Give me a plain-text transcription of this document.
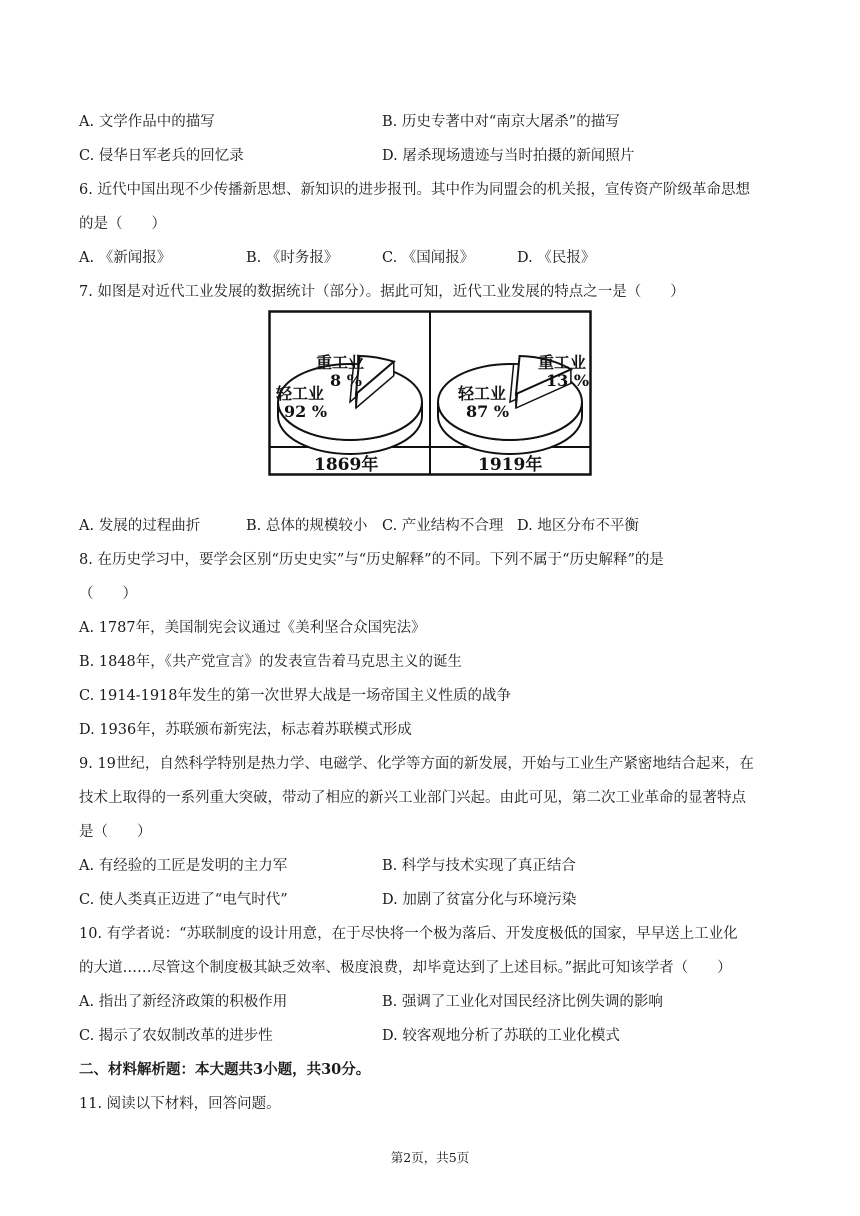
A. 文学作品中的描写	B. 历史专著中对“南京大屠杀”的描写
C. 侵华日军老兵的回忆录	D. 屠杀现场遗迹与当时拍摄的新闻照片
6. 近代中国出现不少传播新思想、新知识的进步报刊。其中作为同盟会的机关报，宣传资产阶级革命思想
的是（　　）
A. 《新闻报》	B. 《时务报》	C. 《国闻报》	D. 《民报》
7. 如图是对近代工业发展的数据统计（部分）。据此可知，近代工业发展的特点之一是（　　）
重工业
8 %
轻工业
92 %
重工业
13 %
轻工业
87 %
1869年	1919年
A. 发展的过程曲折	B. 总体的规模较小 C. 产业结构不合理 D. 地区分布不平衡
8. 在历史学习中，要学会区别“历史史实”与“历史解释”的不同。下列不属于“历史解释”的是
（　　）
A. 1787年，美国制宪会议通过《美利坚合众国宪法》
B. 1848年，《共产党宣言》的发表宣告着马克思主义的诞生
C. 1914-1918年发生的第一次世界大战是一场帝国主义性质的战争
D. 1936年，苏联颁布新宪法，标志着苏联模式形成
9. 19世纪，自然科学特别是热力学、电磁学、化学等方面的新发展，开始与工业生产紧密地结合起来，在
技术上取得的一系列重大突破，带动了相应的新兴工业部门兴起。由此可见，第二次工业革命的显著特点
是（　　）
A. 有经验的工匠是发明的主力军	B. 科学与技术实现了真正结合
C. 使人类真正迈进了“电气时代”	D. 加剧了贫富分化与环境污染
10. 有学者说：“苏联制度的设计用意，在于尽快将一个极为落后、开发度极低的国家，早早送上工业化
的大道……尽管这个制度极其缺乏效率、极度浪费，却毕竟达到了上述目标。”据此可知该学者（　　）
A. 指出了新经济政策的积极作用	B. 强调了工业化对国民经济比例失调的影响
C. 揭示了农奴制改革的进步性	D. 较客观地分析了苏联的工业化模式
二、材料解析题：本大题共3小题，共30分。
11. 阅读以下材料，回答问题。
第2页，共5页
